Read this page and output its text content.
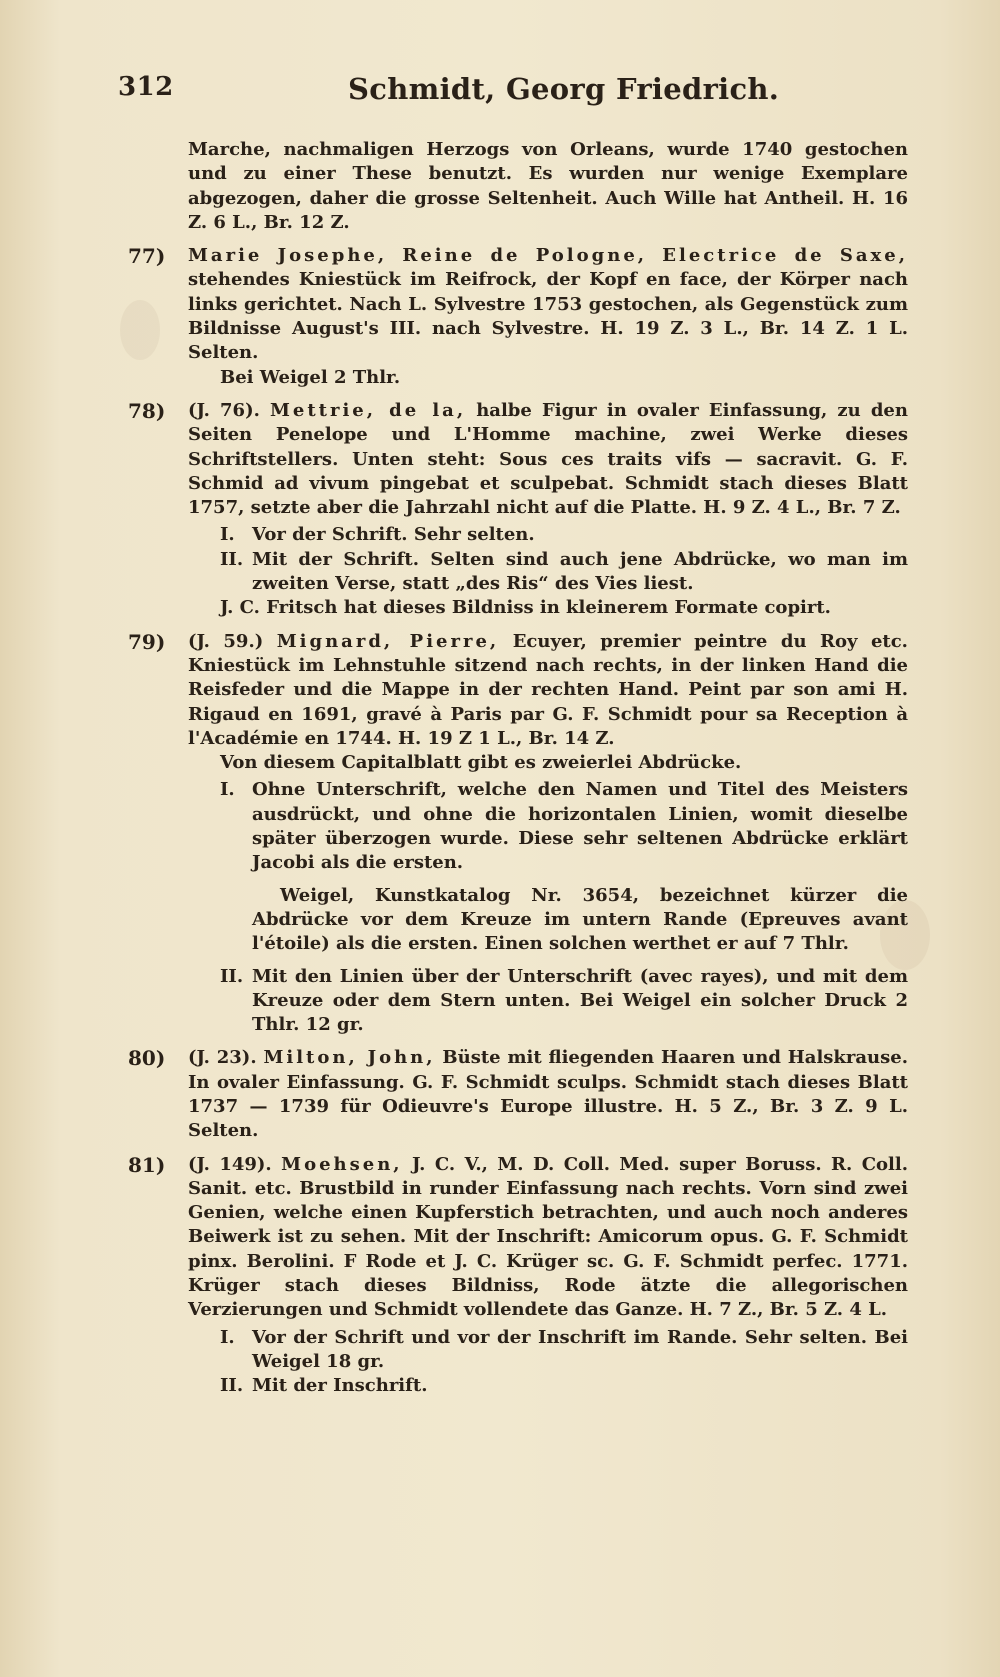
312	Schmidt, Georg Friedrich.

Marche, nachmaligen Herzogs von Orleans, wurde 1740 gestochen und zu einer These benutzt. Es wurden nur wenige Exemplare abgezogen, daher die grosse Seltenheit. Auch Wille hat Antheil. H. 16 Z. 6 L., Br. 12 Z.

77) Marie Josephe, Reine de Pologne, Electrice de Saxe, stehendes Kniestück im Reifrock, der Kopf en face, der Körper nach links gerichtet. Nach L. Sylvestre 1753 gestochen, als Gegenstück zum Bildnisse August's III. nach Sylvestre. H. 19 Z. 3 L., Br. 14 Z. 1 L. Selten.

Bei Weigel 2 Thlr.

78) (J. 76). Mettrie, de la, halbe Figur in ovaler Einfassung, zu den Seiten Penelope und L'Homme machine, zwei Werke dieses Schriftstellers. Unten steht: Sous ces traits vifs — sacravit. G. F. Schmid ad vivum pingebat et sculpebat. Schmidt stach dieses Blatt 1757, setzte aber die Jahrzahl nicht auf die Platte. H. 9 Z. 4 L., Br. 7 Z.

I. Vor der Schrift. Sehr selten.
II. Mit der Schrift. Selten sind auch jene Abdrücke, wo man im zweiten Verse, statt „des Ris“ des Vies liest.

J. C. Fritsch hat dieses Bildniss in kleinerem Formate copirt.

79) (J. 59.) Mignard, Pierre, Ecuyer, premier peintre du Roy etc. Kniestück im Lehnstuhle sitzend nach rechts, in der linken Hand die Reisfeder und die Mappe in der rechten Hand. Peint par son ami H. Rigaud en 1691, gravé à Paris par G. F. Schmidt pour sa Reception à l'Académie en 1744. H. 19 Z 1 L., Br. 14 Z.

Von diesem Capitalblatt gibt es zweierlei Abdrücke.

I. Ohne Unterschrift, welche den Namen und Titel des Meisters ausdrückt, und ohne die horizontalen Linien, womit dieselbe später überzogen wurde. Diese sehr seltenen Abdrücke erklärt Jacobi als die ersten.
Weigel, Kunstkatalog Nr. 3654, bezeichnet kürzer die Abdrücke vor dem Kreuze im untern Rande (Epreuves avant l'étoile) als die ersten. Einen solchen werthet er auf 7 Thlr.
II. Mit den Linien über der Unterschrift (avec rayes), und mit dem Kreuze oder dem Stern unten. Bei Weigel ein solcher Druck 2 Thlr. 12 gr.
80) (J. 23). Milton, John, Büste mit fliegenden Haaren und Halskrause. In ovaler Einfassung. G. F. Schmidt sculps. Schmidt stach dieses Blatt 1737 — 1739 für Odieuvre's Europe illustre. H. 5 Z., Br. 3 Z. 9 L. Selten.

81) (J. 149). Moehsen, J. C. V., M. D. Coll. Med. super Boruss. R. Coll. Sanit. etc. Brustbild in runder Einfassung nach rechts. Vorn sind zwei Genien, welche einen Kupferstich betrachten, und auch noch anderes Beiwerk ist zu sehen. Mit der Inschrift: Amicorum opus. G. F. Schmidt pinx. Berolini. F Rode et J. C. Krüger sc. G. F. Schmidt perfec. 1771. Krüger stach dieses Bildniss, Rode ätzte die allegorischen Verzierungen und Schmidt vollendete das Ganze. H. 7 Z., Br. 5 Z. 4 L.

I. Vor der Schrift und vor der Inschrift im Rande. Sehr selten. Bei Weigel 18 gr.
II. Mit der Inschrift.
